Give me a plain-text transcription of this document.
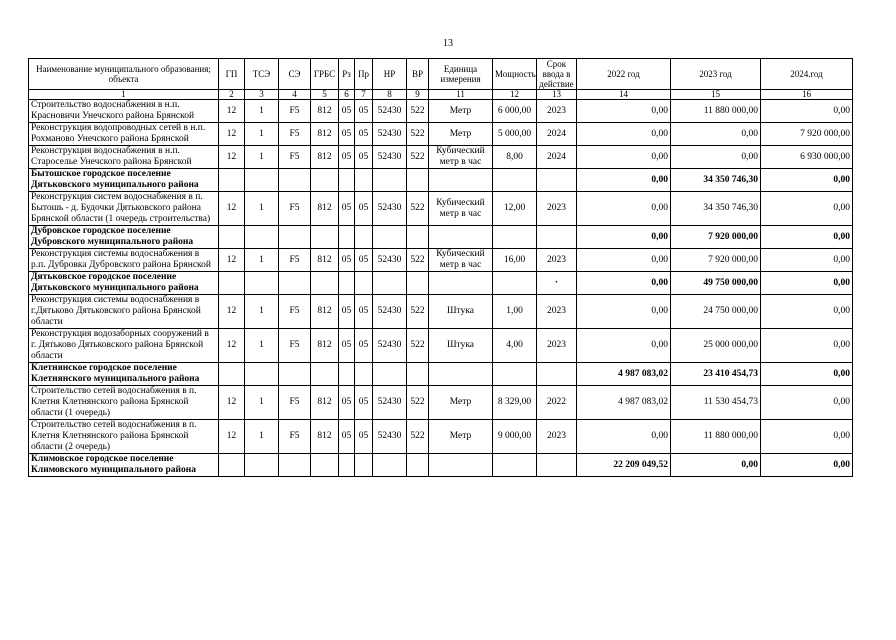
13
Наименование муниципального образования; объекта	ГП	ТСЭ	СЭ	ГРБС	Рз	Пр	НР	ВР	Единица измерения	Мощность	Срок ввода в действие	2022 год	2023 год	2024.год
1	2	3	4	5	6	7	8	9	11	12	13	14	15	16
Строительство водоснабжения в н.п. Красновичи Унечского района Брянской	12	1	F5	812	05	05	52430	522	Метр	6 000,00	2023	0,00	11 880 000,00	0,00
Реконструкция водопроводных сетей в н.п. Рохманово Унечского района Брянской	12	1	F5	812	05	05	52430	522	Метр	5 000,00	2024	0,00	0,00	7 920 000,00
Реконструкция водоснабжения в н.п. Староселье Унечского района Брянской	12	1	F5	812	05	05	52430	522	Кубический метр в час	8,00	2024	0,00	0,00	6 930 000,00
Бытошское городское поселение Дятьковского муниципального района												0,00	34 350 746,30	0,00
Реконструкция систем водоснабжения в п. Бытошь - д. Будочки Дятьковского района Брянской области (1 очередь строительства)	12	1	F5	812	05	05	52430	522	Кубический метр в час	12,00	2023	0,00	34 350 746,30	0,00
Дубровское городское поселение Дубровского муниципального района												0,00	7 920 000,00	0,00
Реконструкция системы водоснабжения в р.п. Дубровка Дубровского района Брянской	12	1	F5	812	05	05	52430	522	Кубический метр в час	16,00	2023	0,00	7 920 000,00	0,00
Дятьковское городское поселение Дятьковского муниципального района											·	0,00	49 750 000,00	0,00
Реконструкция системы водоснабжения в г.Дятьково Дятьковского района Брянской области	12	1	F5	812	05	05	52430	522	Штука	1,00	2023	0,00	24 750 000,00	0,00
Реконструкция водозаборных сооружений в г. Дятьково Дятьковского района Брянской области	12	1	F5	812	05	05	52430	522	Штука	4,00	2023	0,00	25 000 000,00	0,00
Клетнянское городское поселение Клетнянского муниципального района												4 987 083,02	23 410 454,73	0,00
Строительство сетей водоснабжения в п. Клетня Клетнянского района Брянской области (1 очередь)	12	1	F5	812	05	05	52430	522	Метр	8 329,00	2022	4 987 083,02	11 530 454,73	0,00
Строительство сетей водоснабжения в п. Клетня Клетнянского района Брянской области (2 очередь)	12	1	F5	812	05	05	52430	522	Метр	9 000,00	2023	0,00	11 880 000,00	0,00
Климовское городское поселение Климовского муниципального района												22 209 049,52	0,00	0,00
